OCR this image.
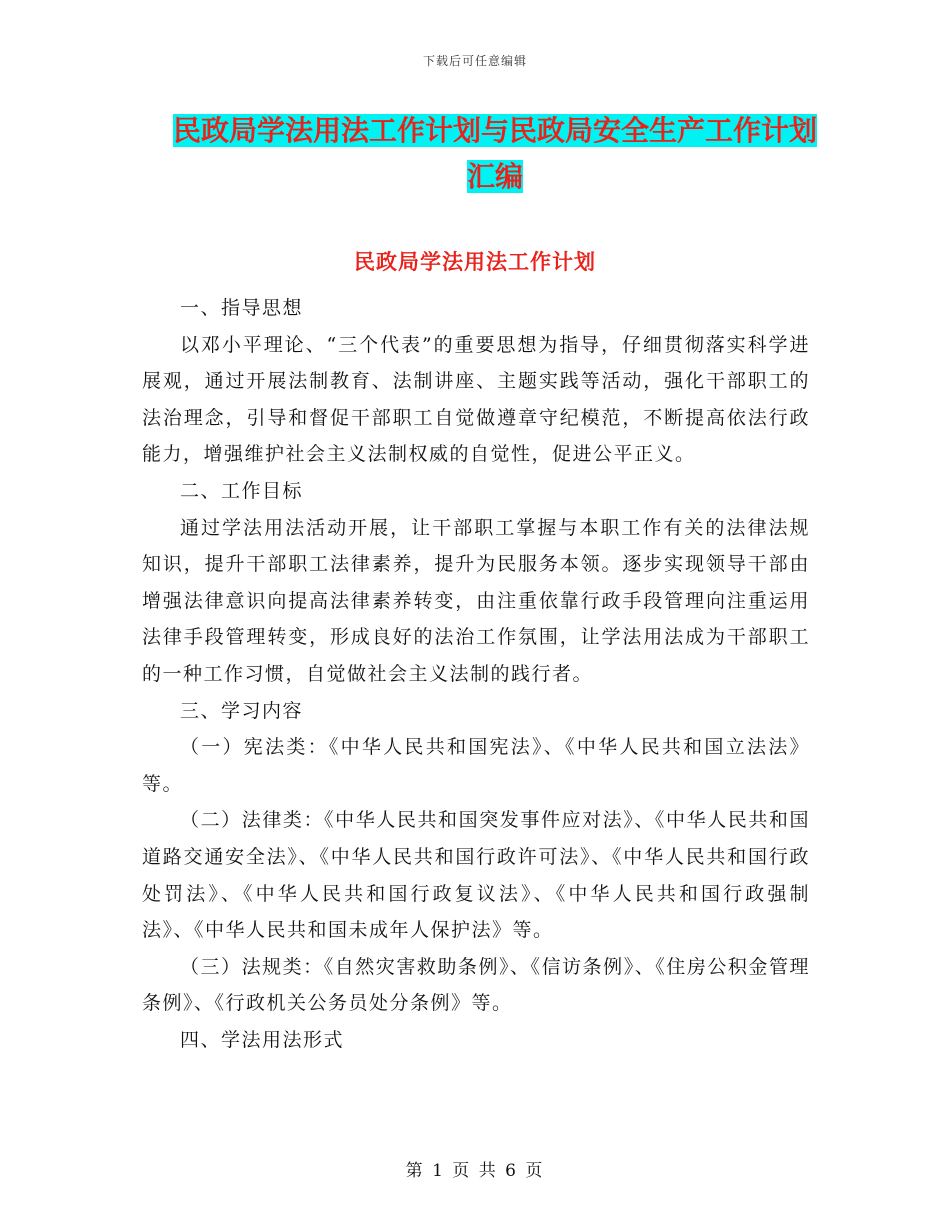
下载后可任意编辑
民政局学法用法工作计划与民政局安全生产工作计划
汇编
民政局学法用法工作计划

一、指导思想

以邓小平理论、“三个代表”的重要思想为指导，仔细贯彻落实科学进展观，通过开展法制教育、法制讲座、主题实践等活动，强化干部职工的法治理念，引导和督促干部职工自觉做遵章守纪模范，不断提高依法行政能力，增强维护社会主义法制权威的自觉性，促进公平正义。

二、工作目标

通过学法用法活动开展，让干部职工掌握与本职工作有关的法律法规知识，提升干部职工法律素养，提升为民服务本领。逐步实现领导干部由增强法律意识向提高法律素养转变，由注重依靠行政手段管理向注重运用法律手段管理转变，形成良好的法治工作氛围，让学法用法成为干部职工的一种工作习惯，自觉做社会主义法制的践行者。

三、学习内容

（一）宪法类：《中华人民共和国宪法》、《中华人民共和国立法法》等。

（二）法律类：《中华人民共和国突发事件应对法》、《中华人民共和国道路交通安全法》、《中华人民共和国行政许可法》、《中华人民共和国行政处罚法》、《中华人民共和国行政复议法》、《中华人民共和国行政强制法》、《中华人民共和国未成年人保护法》等。

（三）法规类：《自然灾害救助条例》、《信访条例》、《住房公积金管理条例》、《行政机关公务员处分条例》等。

四、学法用法形式

第 1 页 共 6 页
